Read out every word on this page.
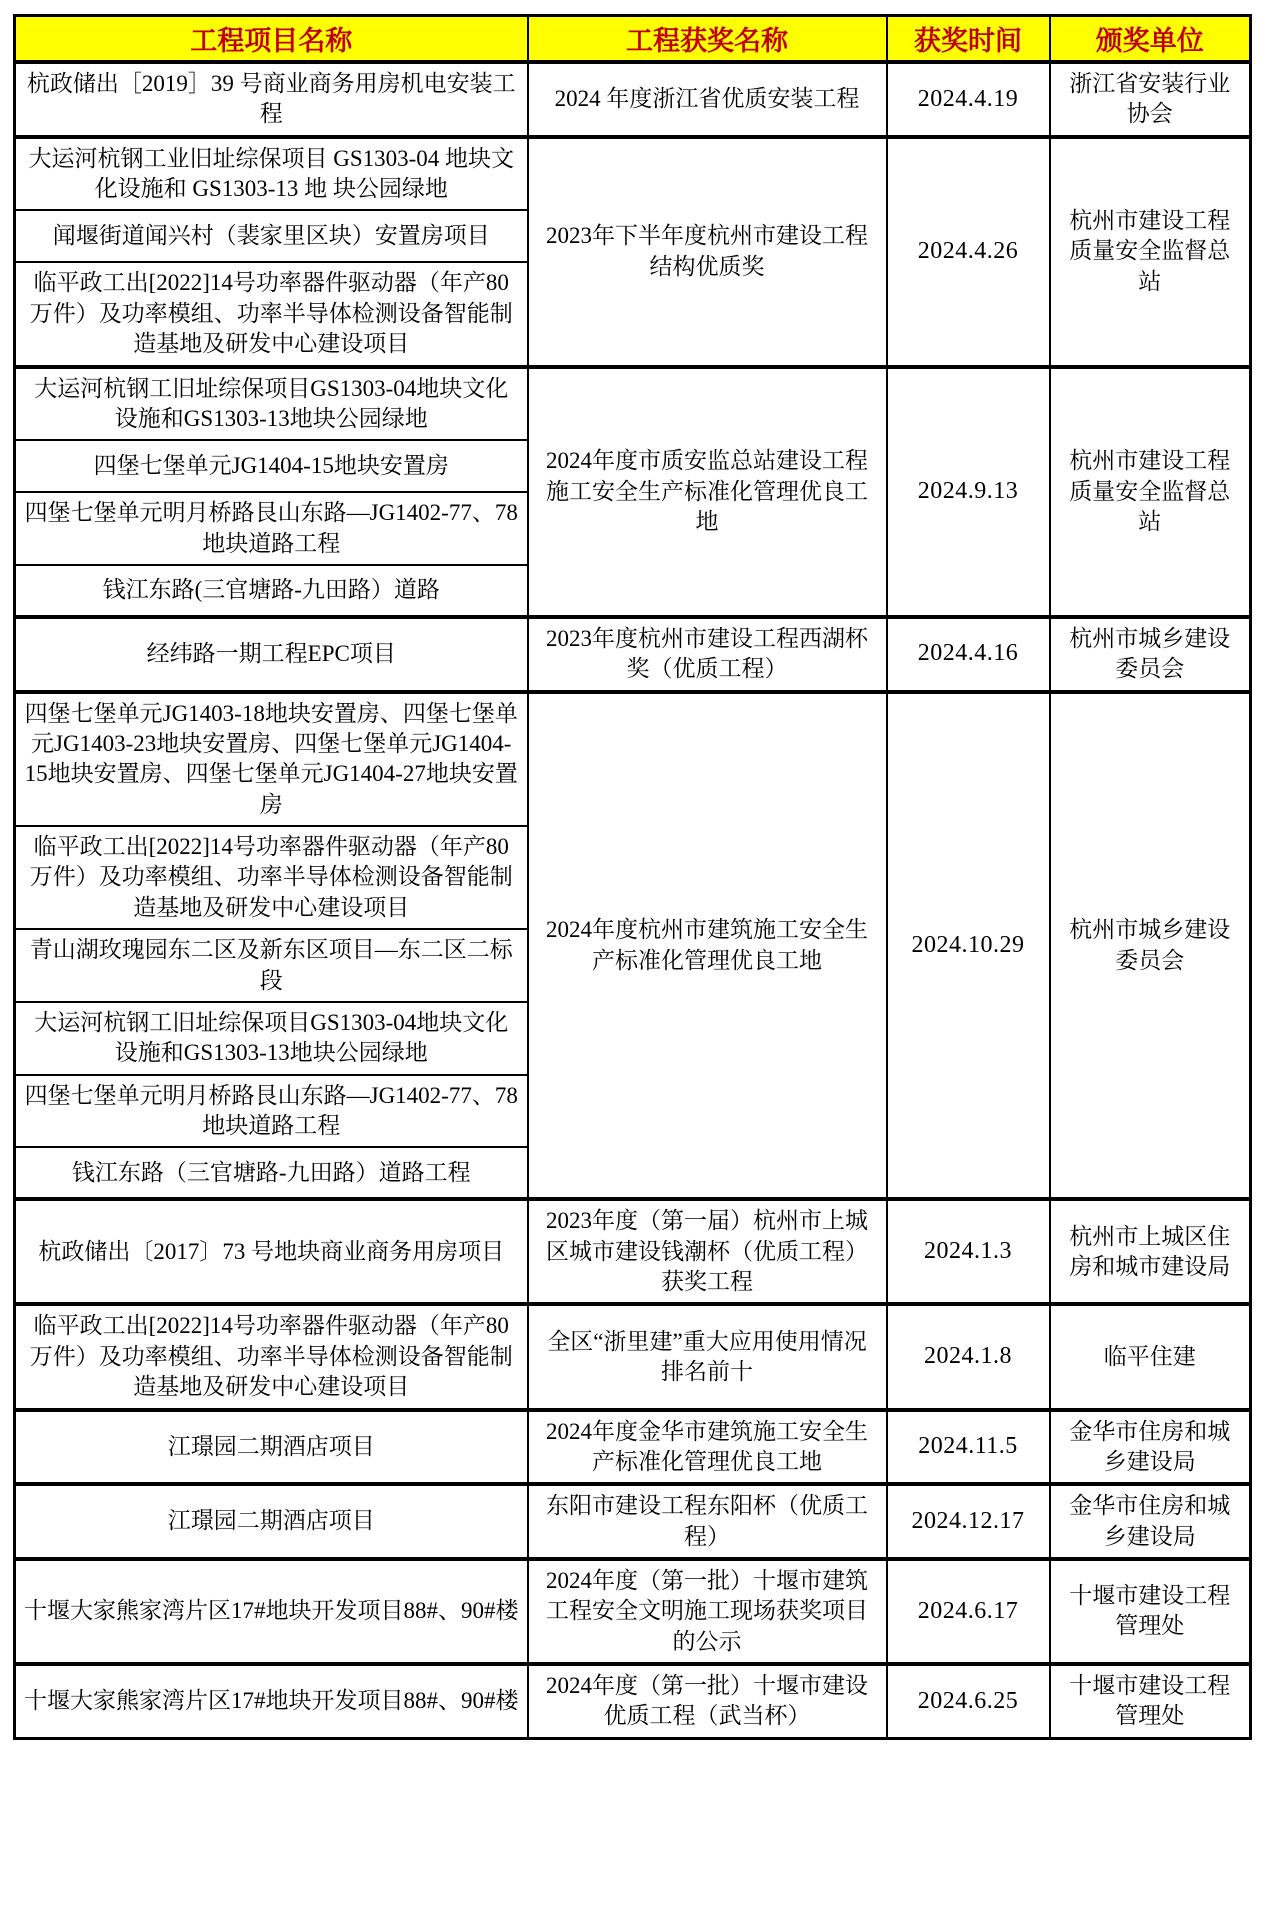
工程项目名称	工程获奖名称	获奖时间	颁奖单位
杭政储出［2019］39 号商业商务用房机电安装工程	2024 年度浙江省优质安装工程	2024.4.19	浙江省安装行业协会
大运河杭钢工业旧址综保项目 GS1303-04 地块文化设施和 GS1303-13 地 块公园绿地	2023年下半年度杭州市建设工程结构优质奖	2024.4.26	杭州市建设工程质量安全监督总站
闻堰街道闻兴村（裴家里区块）安置房项目			
临平政工出[2022]14号功率器件驱动器（年产80万件）及功率模组、功率半导体检测设备智能制造基地及研发中心建设项目			
大运河杭钢工旧址综保项目GS1303-04地块文化设施和GS1303-13地块公园绿地	2024年度市质安监总站建设工程施工安全生产标准化管理优良工地	2024.9.13	杭州市建设工程质量安全监督总站
四堡七堡单元JG1404-15地块安置房			
四堡七堡单元明月桥路艮山东路—JG1402-77、78地块道路工程			
钱江东路(三官塘路-九田路）道路			
经纬路一期工程EPC项目	2023年度杭州市建设工程西湖杯奖（优质工程）	2024.4.16	杭州市城乡建设委员会
四堡七堡单元JG1403-18地块安置房、四堡七堡单元JG1403-23地块安置房、四堡七堡单元JG1404-15地块安置房、四堡七堡单元JG1404-27地块安置房	2024年度杭州市建筑施工安全生产标准化管理优良工地	2024.10.29	杭州市城乡建设委员会
临平政工出[2022]14号功率器件驱动器（年产80万件）及功率模组、功率半导体检测设备智能制造基地及研发中心建设项目			
青山湖玫瑰园东二区及新东区项目—东二区二标段			
大运河杭钢工旧址综保项目GS1303-04地块文化设施和GS1303-13地块公园绿地			
四堡七堡单元明月桥路艮山东路—JG1402-77、78地块道路工程			
钱江东路（三官塘路-九田路）道路工程			
杭政储出〔2017〕73 号地块商业商务用房项目	2023年度（第一届）杭州市上城区城市建设钱潮杯（优质工程）获奖工程	2024.1.3	杭州市上城区住房和城市建设局
临平政工出[2022]14号功率器件驱动器（年产80万件）及功率模组、功率半导体检测设备智能制造基地及研发中心建设项目	全区“浙里建”重大应用使用情况排名前十	2024.1.8	临平住建
江璟园二期酒店项目	2024年度金华市建筑施工安全生产标准化管理优良工地	2024.11.5	金华市住房和城乡建设局
江璟园二期酒店项目	东阳市建设工程东阳杯（优质工程）	2024.12.17	金华市住房和城乡建设局
十堰大家熊家湾片区17#地块开发项目88#、90#楼	2024年度（第一批）十堰市建筑工程安全文明施工现场获奖项目的公示	2024.6.17	十堰市建设工程管理处
十堰大家熊家湾片区17#地块开发项目88#、90#楼	2024年度（第一批）十堰市建设优质工程（武当杯）	2024.6.25	十堰市建设工程管理处
